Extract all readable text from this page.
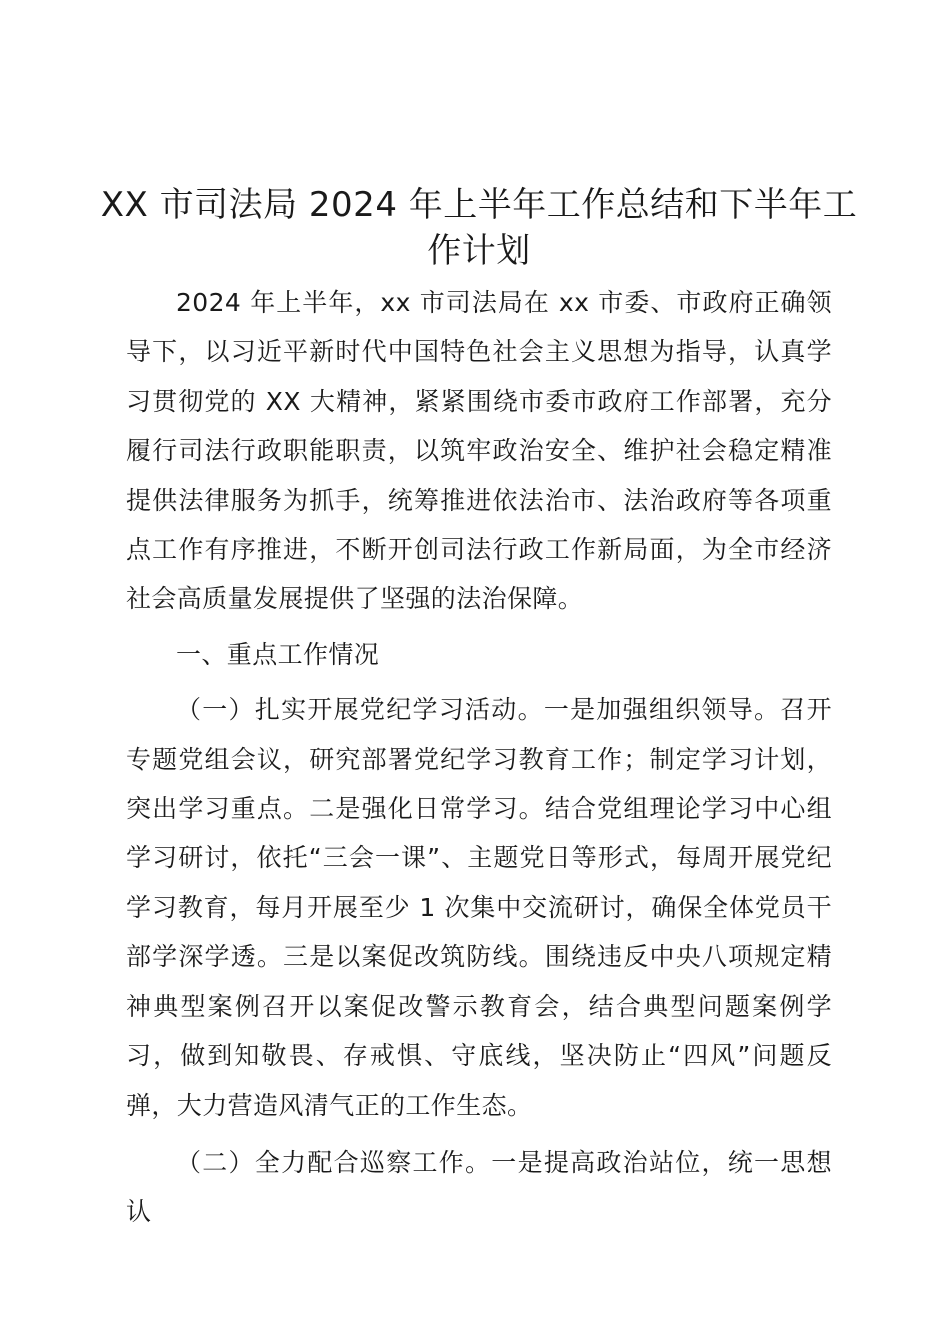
XX 市司法局 2024 年上半年工作总结和下半年工作计划

2024 年上半年，xx 市司法局在 xx 市委、市政府正确领导下，以习近平新时代中国特色社会主义思想为指导，认真学习贯彻党的 XX 大精神，紧紧围绕市委市政府工作部署，充分履行司法行政职能职责，以筑牢政治安全、维护社会稳定精准提供法律服务为抓手，统筹推进依法治市、法治政府等各项重点工作有序推进，不断开创司法行政工作新局面，为全市经济社会高质量发展提供了坚强的法治保障。

一、重点工作情况

（一）扎实开展党纪学习活动。一是加强组织领导。召开专题党组会议，研究部署党纪学习教育工作；制定学习计划，突出学习重点。二是强化日常学习。结合党组理论学习中心组学习研讨，依托“三会一课”、主题党日等形式，每周开展党纪学习教育，每月开展至少 1 次集中交流研讨，确保全体党员干部学深学透。三是以案促改筑防线。围绕违反中央八项规定精神典型案例召开以案促改警示教育会，结合典型问题案例学习，做到知敬畏、存戒惧、守底线，坚决防止“四风”问题反弹，大力营造风清气正的工作生态。

（二）全力配合巡察工作。一是提高政治站位，统一思想认
